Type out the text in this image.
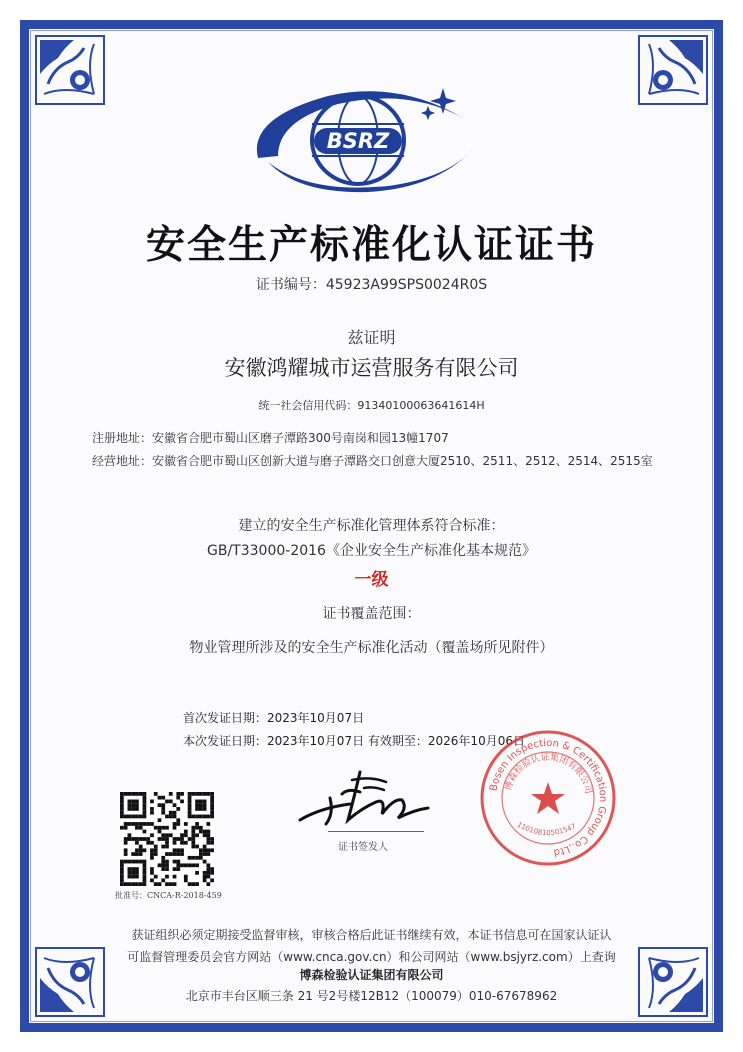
BSRZ
安全生产标准化认证证书
证书编号：45923A99SPS0024R0S
兹证明
安徽鸿耀城市运营服务有限公司
统一社会信用代码：91340100063641614H
注册地址：安徽省合肥市蜀山区磨子潭路300号南岗和园13幢1707
经营地址：安徽省合肥市蜀山区创新大道与磨子潭路交口创意大厦2510、2511、2512、2514、2515室
建立的安全生产标准化管理体系符合标准：
GB/T33000-2016《企业安全生产标准化基本规范》
一级
证书覆盖范围：
物业管理所涉及的安全生产标准化活动（覆盖场所见附件）
首次发证日期：2023年10月07日
本次发证日期：2023年10月07日 有效期至：2026年10月06日
批准号：CNCA-R-2018-459
证书签发人
Bosen Inspection & Certification Group Co.,Ltd
博森检验认证集团有限公司
11010810501547
获证组织必须定期接受监督审核，审核合格后此证书继续有效，本证书信息可在国家认证认
可监督管理委员会官方网站（www.cnca.gov.cn）和公司网站（www.bsjyrz.com）上查询
博森检验认证集团有限公司
北京市丰台区顺三条 21 号2号楼12B12（100079）010-67678962
